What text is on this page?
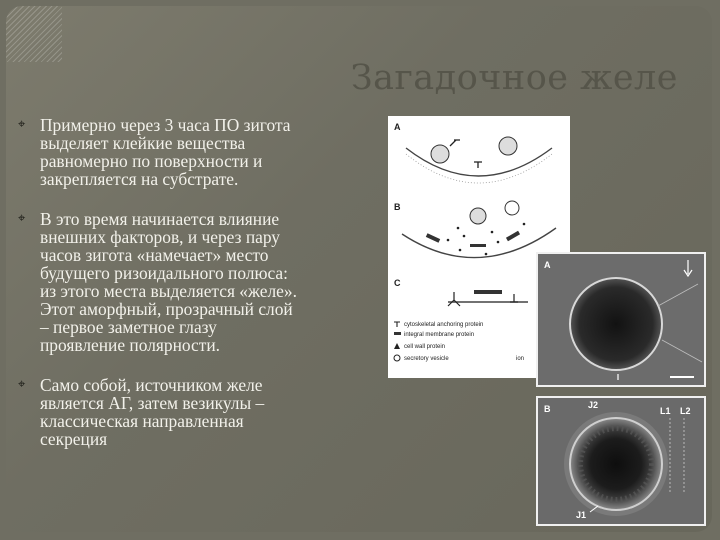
Загадочное желе
⌖ Примерно через 3 часа ПО зигота
выделяет клейкие вещества
равномерно по поверхности и
закрепляется на субстрате.
⌖ В это время начинается влияние
внешних факторов, и через пару
часов зигота «намечает» место
будущего ризоидального полюса:
из этого места выделяется «желе».
Этот аморфный, прозрачный слой
– первое заметное глазу
проявление полярности.
⌖ Само собой, источником желе
является АГ, затем везикулы –
классическая направленная
секреция
A
B
C
cytoskeletal anchoring protein
integral membrane protein
cell wall protein
secretory vesicle	ion
A
B	J2
L1 L2
J1
